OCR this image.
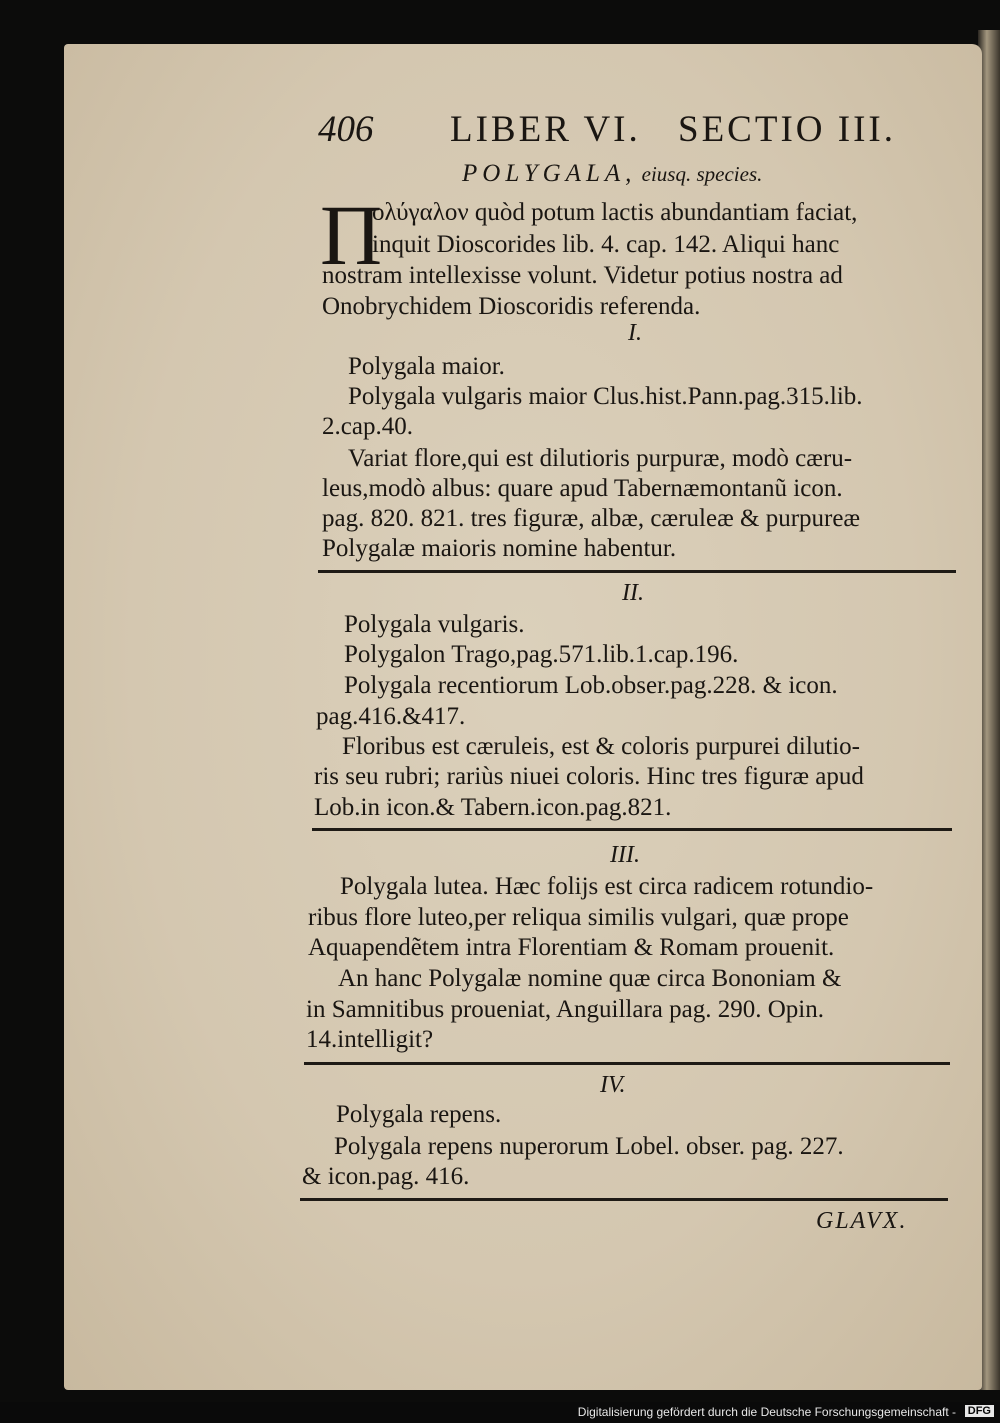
406 LIBER VI. SECTIO III.
POLYGALA, eiusq. species.
Π
ολύγαλον quòd potum lactis abundantiam faciat,
inquit Dioscorides lib. 4. cap. 142. Aliqui hanc
nostram intellexisse volunt. Videtur potius nostra ad
Onobrychidem Dioscoridis referenda.
I.
Polygala maior.
Polygala vulgaris maior Clus.hist.Pann.pag.315.lib.
2.cap.40.
Variat flore,qui est dilutioris purpuræ, modò cæru-
leus,modò albus: quare apud Tabernæmontanũ icon.
pag. 820. 821. tres figuræ, albæ, cæruleæ & purpureæ
Polygalæ maioris nomine habentur.
II.
Polygala vulgaris.
Polygalon Trago,pag.571.lib.1.cap.196.
Polygala recentiorum Lob.obser.pag.228. & icon.
pag.416.&417.
Floribus est cæruleis, est & coloris purpurei dilutio-
ris seu rubri; rariùs niuei coloris. Hinc tres figuræ apud
Lob.in icon.& Tabern.icon.pag.821.
III.
Polygala lutea. Hæc folijs est circa radicem rotundio-
ribus flore luteo,per reliqua similis vulgari, quæ prope
Aquapendẽtem intra Florentiam & Romam prouenit.
An hanc Polygalæ nomine quæ circa Bononiam &
in Samnitibus proueniat, Anguillara pag. 290. Opin.
14.intelligit?
IV.
Polygala repens.
Polygala repens nuperorum Lobel. obser. pag. 227.
& icon.pag. 416.
GLAVX.
Digitalisierung gefördert durch die Deutsche Forschungsgemeinschaft - DFG
